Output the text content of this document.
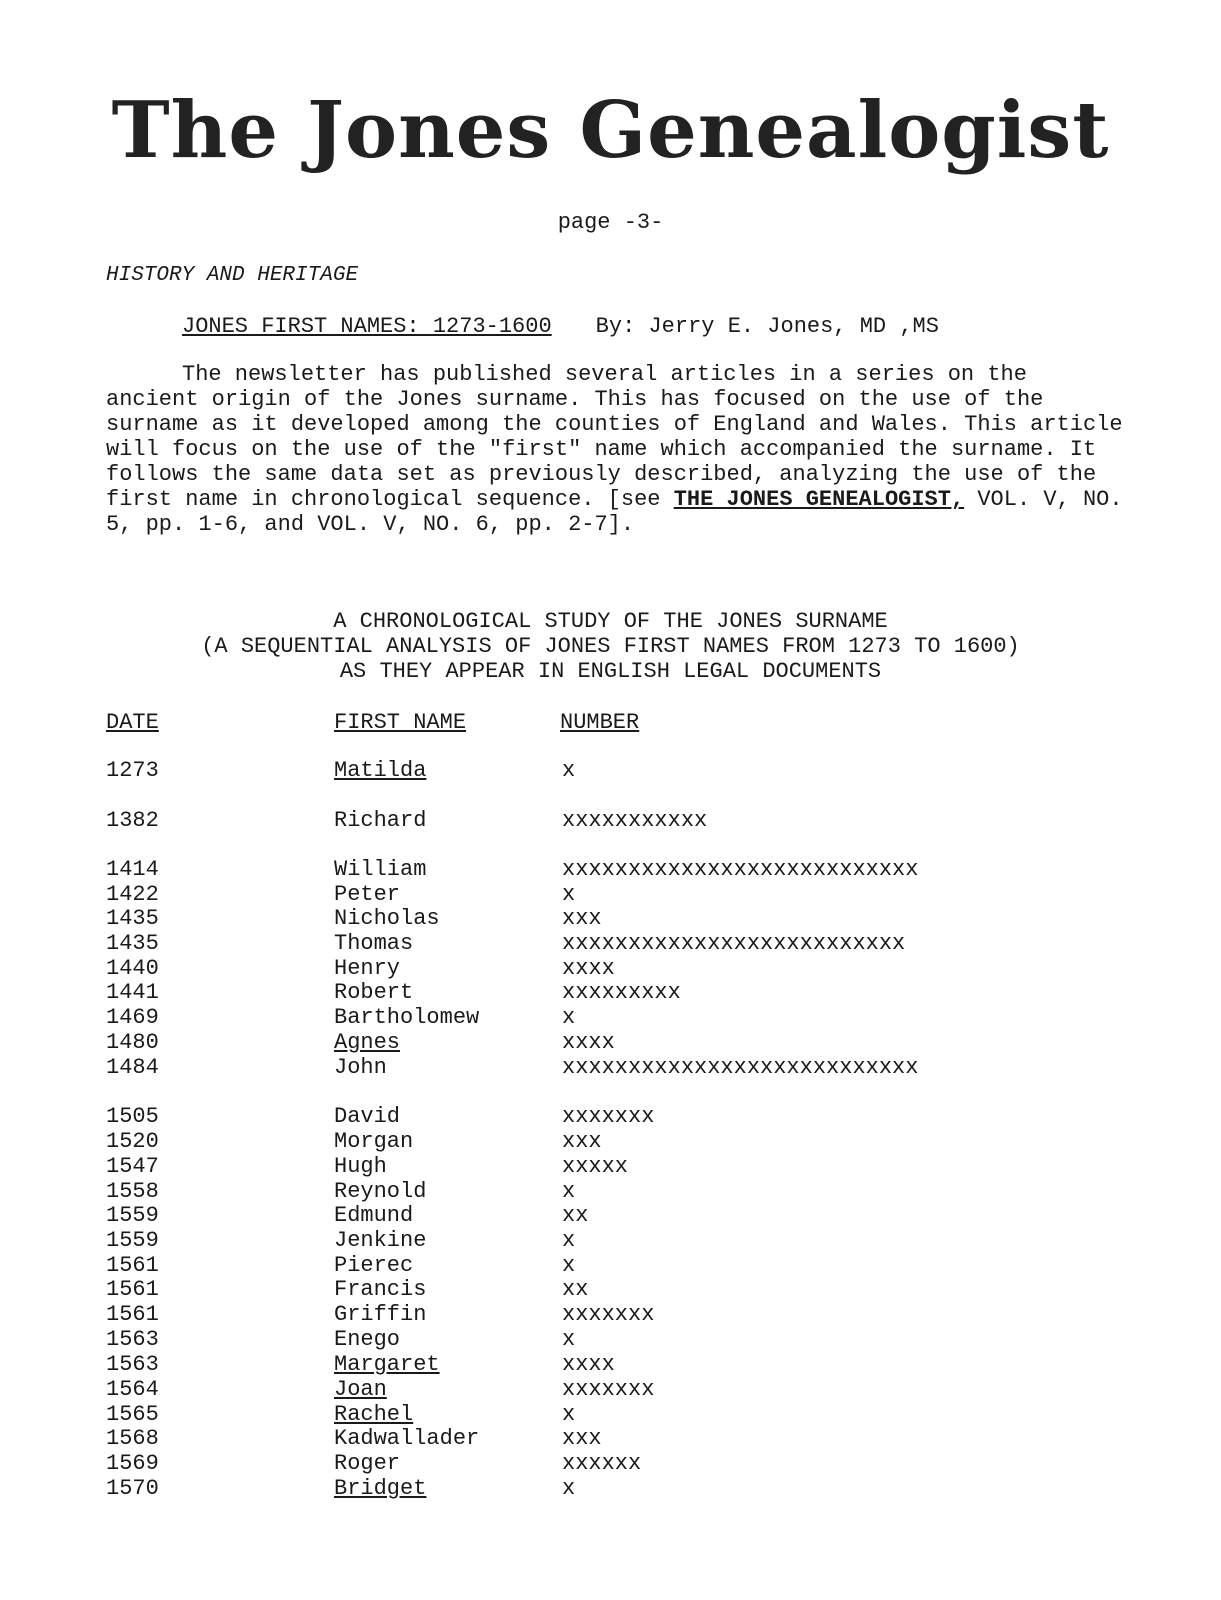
The Jones Genealogist
page -3-
HISTORY AND HERITAGE
JONES FIRST NAMES: 1273-1600 By: Jerry E. Jones, MD ,MS

The newsletter has published several articles in a series on the ancient origin of the Jones surname. This has focused on the use of the surname as it developed among the counties of England and Wales. This article will focus on the use of the "first" name which accompanied the surname. It follows the same data set as previously described, analyzing the use of the first name in chronological sequence. [see THE JONES GENEALOGIST, VOL. V, NO. 5, pp. 1-6, and VOL. V, NO. 6, pp. 2-7].

A CHRONOLOGICAL STUDY OF THE JONES SURNAME
(A SEQUENTIAL ANALYSIS OF JONES FIRST NAMES FROM 1273 TO 1600)
AS THEY APPEAR IN ENGLISH LEGAL DOCUMENTS
DATE	FIRST NAME	NUMBER
1273	Matilda	x
1382	Richard	xxxxxxxxxxx
1414	William	xxxxxxxxxxxxxxxxxxxxxxxxxxx
1422	Peter	x
1435	Nicholas	xxx
1435	Thomas	xxxxxxxxxxxxxxxxxxxxxxxxxx
1440	Henry	xxxx
1441	Robert	xxxxxxxxx
1469	Bartholomew	x
1480	Agnes	xxxx
1484	John	xxxxxxxxxxxxxxxxxxxxxxxxxxx
1505	David	xxxxxxx
1520	Morgan	xxx
1547	Hugh	xxxxx
1558	Reynold	x
1559	Edmund	xx
1559	Jenkine	x
1561	Pierec	x
1561	Francis	xx
1561	Griffin	xxxxxxx
1563	Enego	x
1563	Margaret	xxxx
1564	Joan	xxxxxxx
1565	Rachel	x
1568	Kadwallader	xxx
1569	Roger	xxxxxx
1570	Bridget	x
